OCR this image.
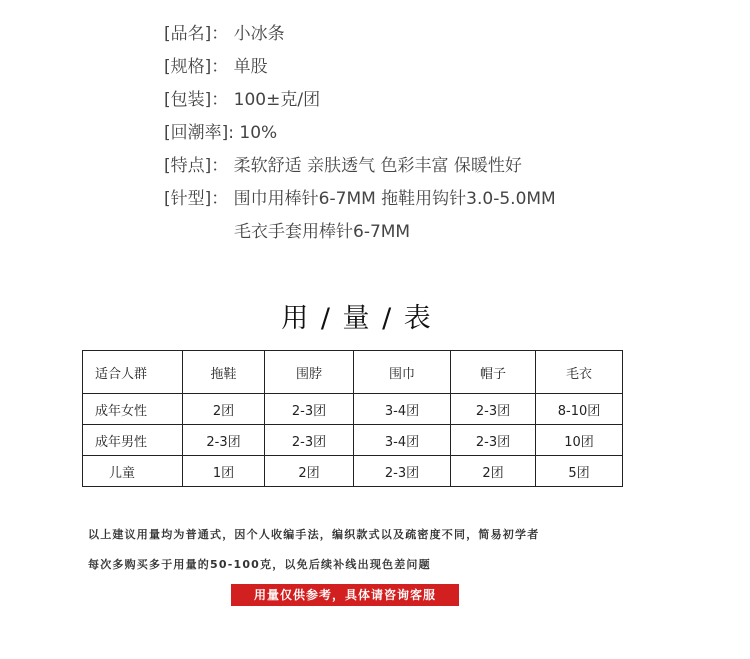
[品名]： 小冰条
[规格]： 单股
[包装]： 100±克/团
[回潮率]: 10%
[特点]： 柔软舒适 亲肤透气 色彩丰富 保暖性好
[针型]： 围巾用棒针6-7MM 拖鞋用钩针3.0-5.0MM
毛衣手套用棒针6-7MM
用 / 量 / 表
适合人群	拖鞋	围脖	围巾	帽子	毛衣
成年女性	2团	2-3团	3-4团	2-3团	8-10团
成年男性	2-3团	2-3团	3-4团	2-3团	10团
儿童	1团	2团	2-3团	2团	5团
以上建议用量均为普通式，因个人收编手法，编织款式以及疏密度不同，简易初学者
每次多购买多于用量的50-100克，以免后续补线出现色差问题
用量仅供参考，具体请咨询客服
